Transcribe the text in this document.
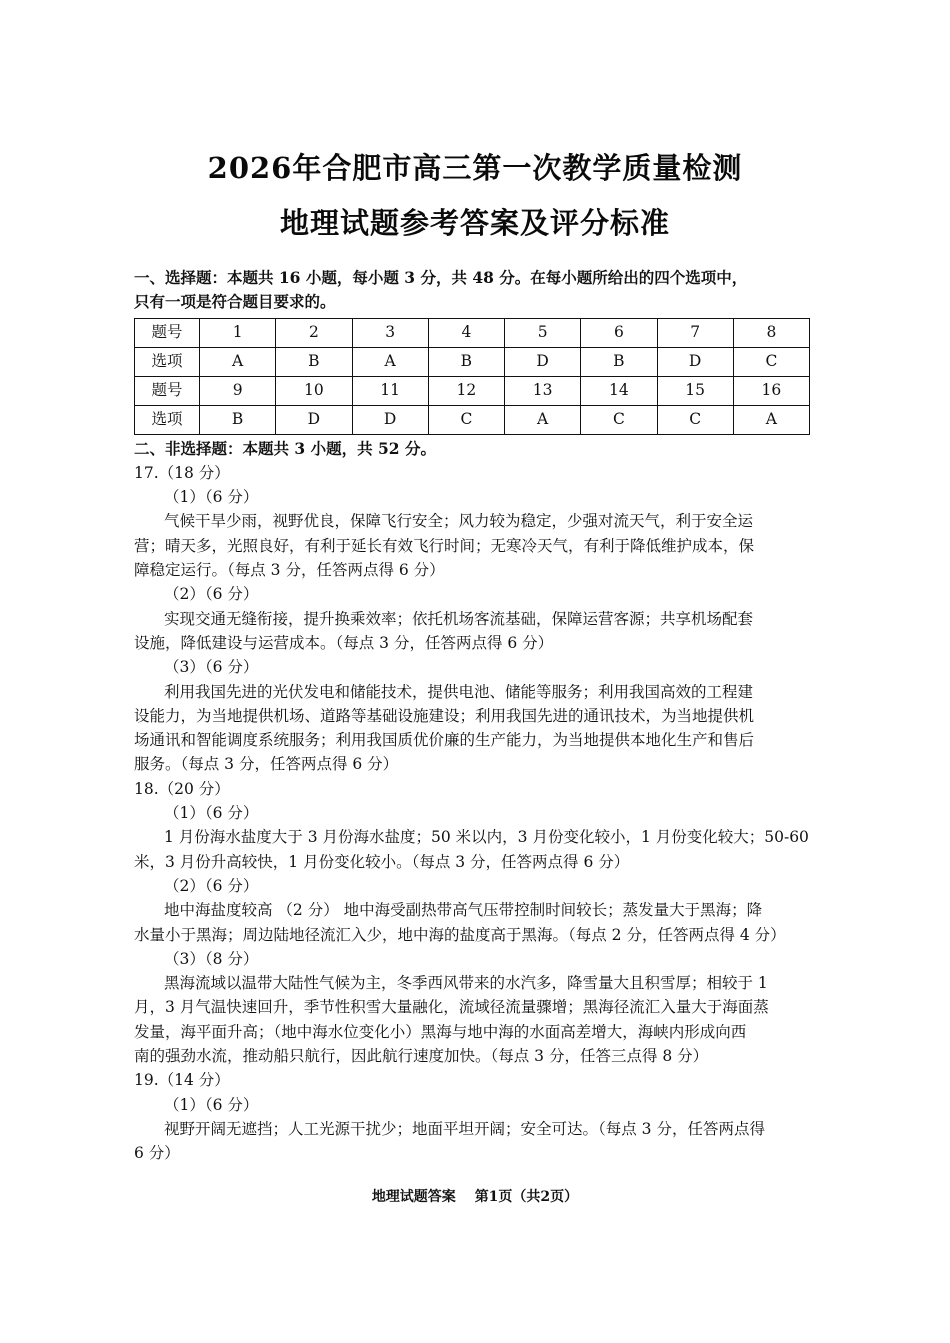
2026年合肥市高三第一次教学质量检测
地理试题参考答案及评分标准

一、选择题：本题共 16 小题，每小题 3 分，共 48 分。在每小题所给出的四个选项中，

只有一项是符合题目要求的。

题号	1	2	3	4	5	6	7	8
选项	A	B	A	B	D	B	D	C
题号	9	10	11	12	13	14	15	16
选项	B	D	D	C	A	C	C	A

二、非选择题：本题共 3 小题，共 52 分。

17.（18 分）

（1）（6 分）

气候干旱少雨，视野优良，保障飞行安全；风力较为稳定，少强对流天气，利于安全运

营；晴天多，光照良好，有利于延长有效飞行时间；无寒冷天气，有利于降低维护成本，保

障稳定运行。（每点 3 分，任答两点得 6 分）

（2）（6 分）

实现交通无缝衔接，提升换乘效率；依托机场客流基础，保障运营客源；共享机场配套

设施，降低建设与运营成本。（每点 3 分，任答两点得 6 分）

（3）（6 分）

利用我国先进的光伏发电和储能技术，提供电池、储能等服务；利用我国高效的工程建

设能力，为当地提供机场、道路等基础设施建设；利用我国先进的通讯技术，为当地提供机

场通讯和智能调度系统服务；利用我国质优价廉的生产能力，为当地提供本地化生产和售后

服务。（每点 3 分，任答两点得 6 分）

18.（20 分）

（1）（6 分）

1 月份海水盐度大于 3 月份海水盐度；50 米以内，3 月份变化较小，1 月份变化较大；50-60

米，3 月份升高较快，1 月份变化较小。（每点 3 分，任答两点得 6 分）

（2）（6 分）

地中海盐度较高 （2 分） 地中海受副热带高气压带控制时间较长；蒸发量大于黑海；降

水量小于黑海；周边陆地径流汇入少，地中海的盐度高于黑海。（每点 2 分，任答两点得 4 分）

（3）（8 分）

黑海流域以温带大陆性气候为主，冬季西风带来的水汽多，降雪量大且积雪厚；相较于 1

月，3 月气温快速回升，季节性积雪大量融化，流域径流量骤增；黑海径流汇入量大于海面蒸

发量，海平面升高；（地中海水位变化小）黑海与地中海的水面高差增大，海峡内形成向西

南的强劲水流，推动船只航行，因此航行速度加快。（每点 3 分，任答三点得 8 分）

19.（14 分）

（1）（6 分）

视野开阔无遮挡；人工光源干扰少；地面平坦开阔；安全可达。（每点 3 分，任答两点得

6 分）

地理试题答案 第1页（共2页）
